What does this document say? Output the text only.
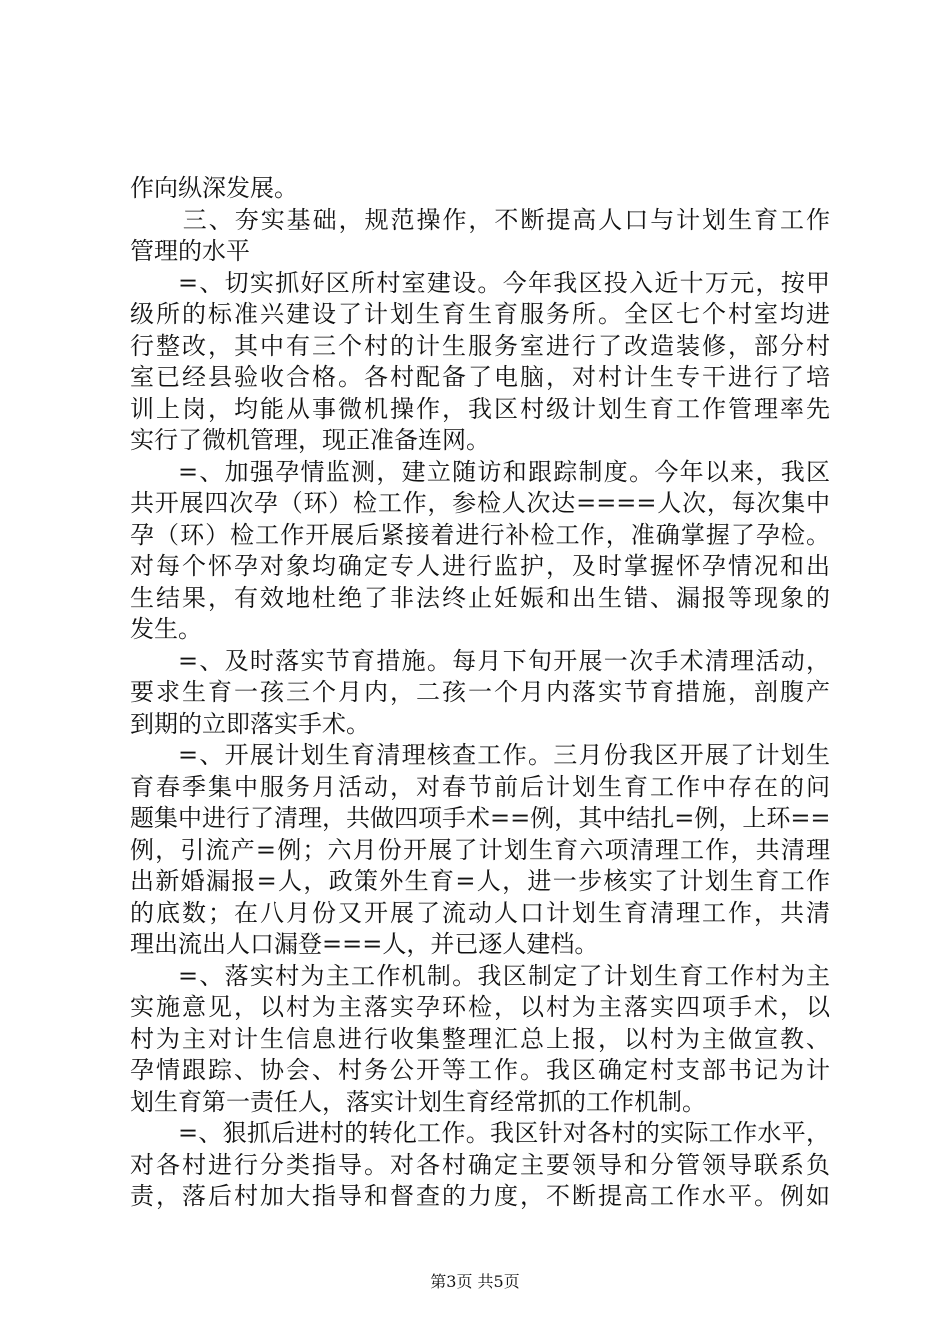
作向纵深发展。
三、夯实基础，规范操作，不断提高人口与计划生育工作
管理的水平
=、切实抓好区所村室建设。今年我区投入近十万元，按甲
级所的标准兴建设了计划生育生育服务所。全区七个村室均进
行整改，其中有三个村的计生服务室进行了改造装修，部分村
室已经县验收合格。各村配备了电脑，对村计生专干进行了培
训上岗，均能从事微机操作，我区村级计划生育工作管理率先
实行了微机管理，现正准备连网。
=、加强孕情监测，建立随访和跟踪制度。今年以来，我区
共开展四次孕（环）检工作，参检人次达====人次，每次集中
孕（环）检工作开展后紧接着进行补检工作，准确掌握了孕检。
对每个怀孕对象均确定专人进行监护，及时掌握怀孕情况和出
生结果，有效地杜绝了非法终止妊娠和出生错、漏报等现象的
发生。
=、及时落实节育措施。每月下旬开展一次手术清理活动，
要求生育一孩三个月内，二孩一个月内落实节育措施，剖腹产
到期的立即落实手术。
=、开展计划生育清理核查工作。三月份我区开展了计划生
育春季集中服务月活动，对春节前后计划生育工作中存在的问
题集中进行了清理，共做四项手术==例，其中结扎=例，上环==
例，引流产=例；六月份开展了计划生育六项清理工作，共清理
出新婚漏报=人，政策外生育=人，进一步核实了计划生育工作
的底数；在八月份又开展了流动人口计划生育清理工作，共清
理出流出人口漏登===人，并已逐人建档。
=、落实村为主工作机制。我区制定了计划生育工作村为主
实施意见，以村为主落实孕环检，以村为主落实四项手术，以
村为主对计生信息进行收集整理汇总上报，以村为主做宣教、
孕情跟踪、协会、村务公开等工作。我区确定村支部书记为计
划生育第一责任人，落实计划生育经常抓的工作机制。
=、狠抓后进村的转化工作。我区针对各村的实际工作水平，
对各村进行分类指导。对各村确定主要领导和分管领导联系负
责，落后村加大指导和督查的力度，不断提高工作水平。例如
第3页 共5页
